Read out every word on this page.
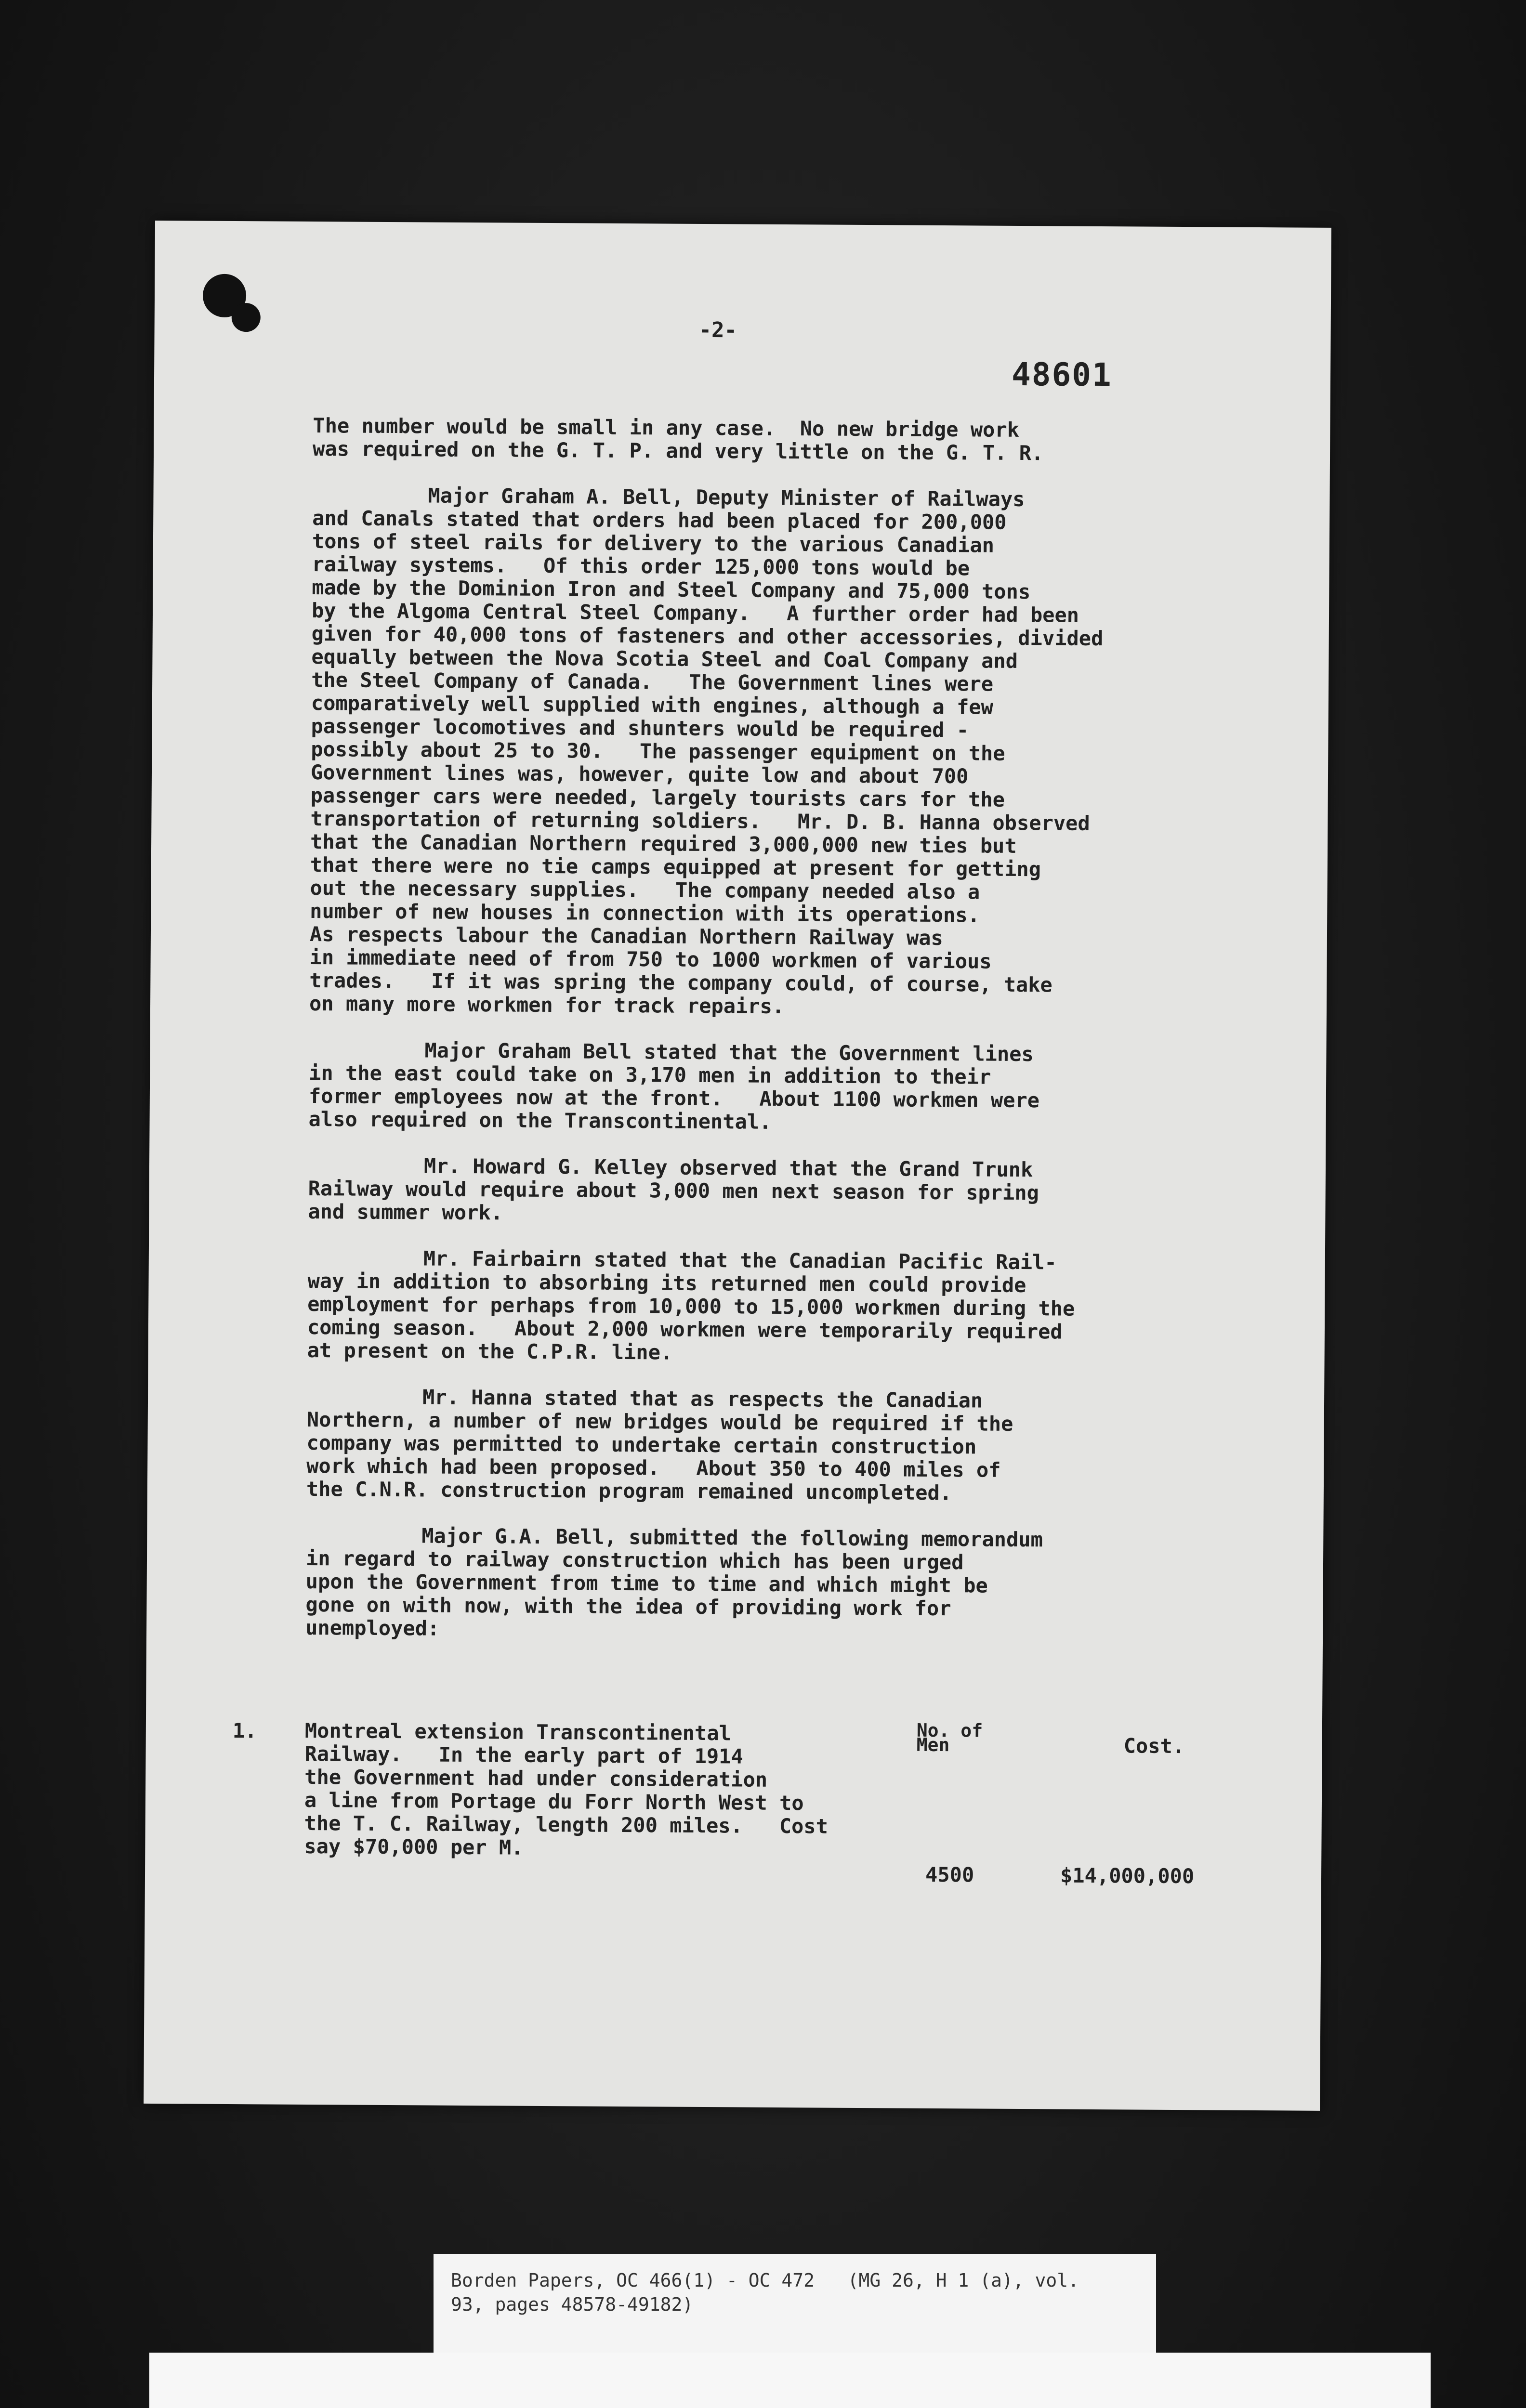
-2-
48601

The number would be small in any case.  No new bridge work
was required on the G. T. P. and very little on the G. T. R.

Major Graham A. Bell, Deputy Minister of Railways
and Canals stated that orders had been placed for 200,000
tons of steel rails for delivery to the various Canadian
railway systems.   Of this order 125,000 tons would be
made by the Dominion Iron and Steel Company and 75,000 tons
by the Algoma Central Steel Company.   A further order had been
given for 40,000 tons of fasteners and other accessories, divided
equally between the Nova Scotia Steel and Coal Company and
the Steel Company of Canada.   The Government lines were
comparatively well supplied with engines, although a few
passenger locomotives and shunters would be required -
possibly about 25 to 30.   The passenger equipment on the
Government lines was, however, quite low and about 700
passenger cars were needed, largely tourists cars for the
transportation of returning soldiers.   Mr. D. B. Hanna observed
that the Canadian Northern required 3,000,000 new ties but
that there were no tie camps equipped at present for getting
out the necessary supplies.   The company needed also a
number of new houses in connection with its operations.
As respects labour the Canadian Northern Railway was
in immediate need of from 750 to 1000 workmen of various
trades.   If it was spring the company could, of course, take
on many more workmen for track repairs.

Major Graham Bell stated that the Government lines
in the east could take on 3,170 men in addition to their
former employees now at the front.   About 1100 workmen were
also required on the Transcontinental.

Mr. Howard G. Kelley observed that the Grand Trunk
Railway would require about 3,000 men next season for spring
and summer work.

Mr. Fairbairn stated that the Canadian Pacific Rail-
way in addition to absorbing its returned men could provide
employment for perhaps from 10,000 to 15,000 workmen during the
coming season.   About 2,000 workmen were temporarily required
at present on the C.P.R. line.

Mr. Hanna stated that as respects the Canadian
Northern, a number of new bridges would be required if the
company was permitted to undertake certain construction
work which had been proposed.   About 350 to 400 miles of
the C.N.R. construction program remained uncompleted.

Major G.A. Bell, submitted the following memorandum
in regard to railway construction which has been urged
upon the Government from time to time and which might be
gone on with now, with the idea of providing work for
unemployed:

1. Montreal extension Transcontinental
Railway.   In the early part of 1914
the Government had under consideration
a line from Portage du Forr North West to
the T. C. Railway, length 200 miles.   Cost
say $70,000 per M.
No. of
Men	Cost.
4500	$14,000,000
Borden Papers, OC 466(1) - OC 472   (MG 26, H 1 (a), vol.
93, pages 48578-49182)
